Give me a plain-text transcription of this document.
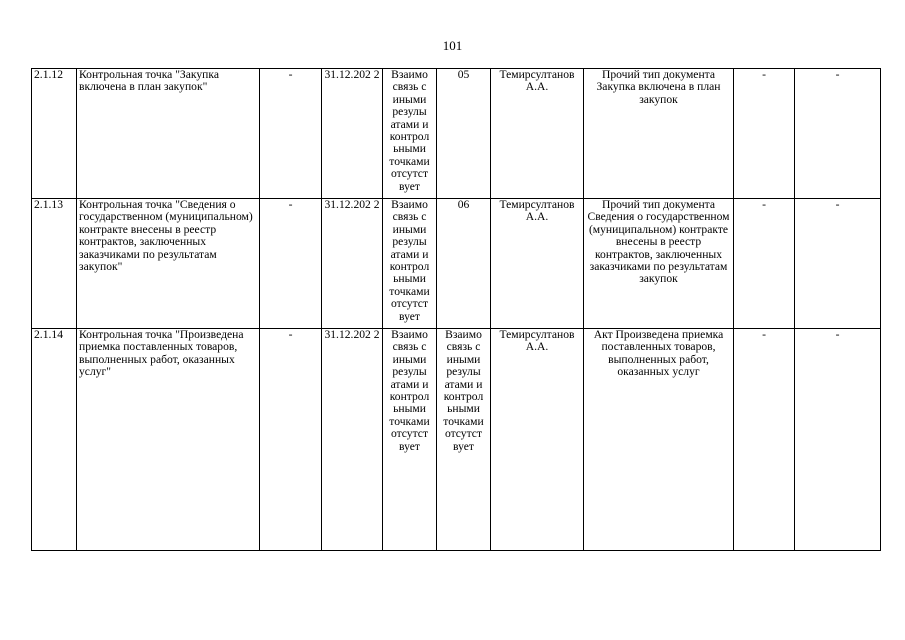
101
2.1.12	Контрольная точка "Закупка включена в план закупок"	-	31.12.202 2	Взаимо связь с иными резулы атами и контрол ьными точками отсутст вует	05	Темирсултанов А.А.	Прочий тип документа Закупка включена в план закупок	-	-
2.1.13	Контрольная точка "Сведения о государственном (муниципальном) контракте внесены в реестр контрактов, заключенных заказчиками по результатам закупок"	-	31.12.202 2	Взаимо связь с иными резулы атами и контрол ьными точками отсутст вует	06	Темирсултанов А.А.	Прочий тип документа Сведения о государственном (муниципальном) контракте внесены в реестр контрактов, заключенных заказчиками по результатам закупок	-	-
2.1.14	Контрольная точка "Произведена приемка поставленных товаров, выполненных работ, оказанных услуг"	-	31.12.202 2	Взаимо связь с иными резулы атами и контрол ьными точками отсутст вует	Взаимо связь с иными резулы атами и контрол ьными точками отсутст вует	Темирсултанов А.А.	Акт Произведена приемка поставленных товаров, выполненных работ, оказанных услуг	-	-
